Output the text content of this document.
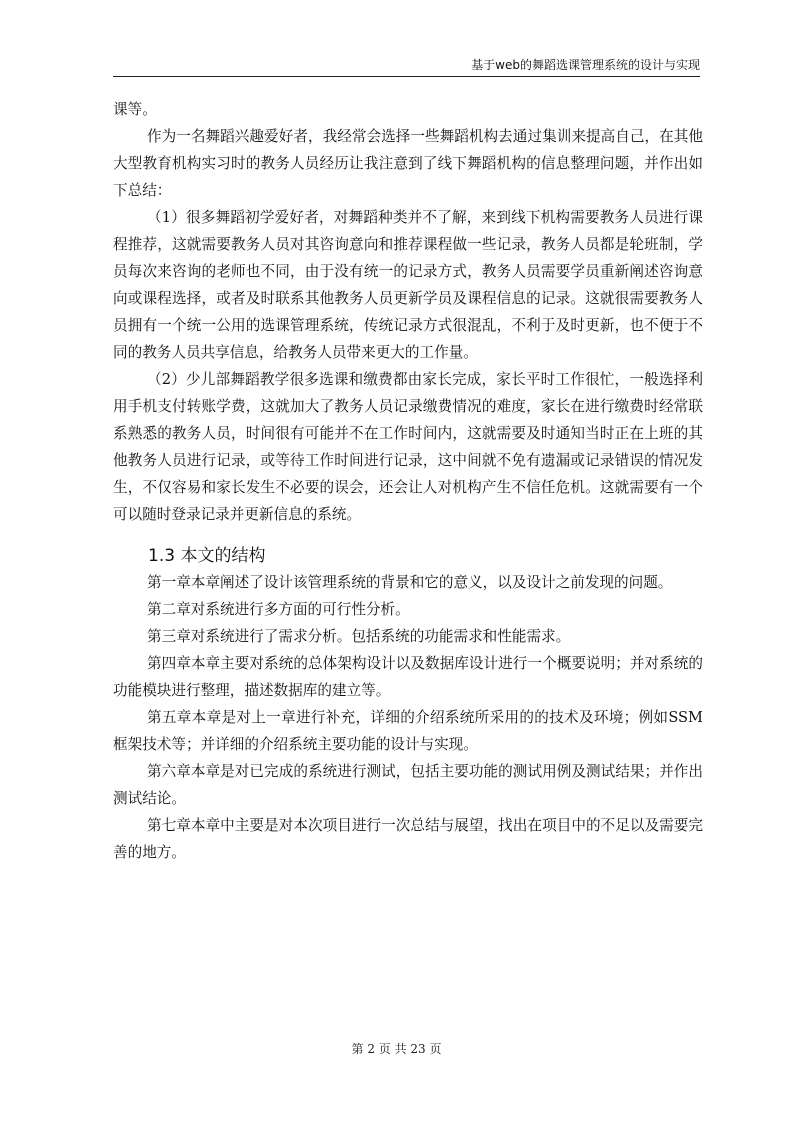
基于web的舞蹈选课管理系统的设计与实现

课等。

作为一名舞蹈兴趣爱好者，我经常会选择一些舞蹈机构去通过集训来提高自己，在其他大型教育机构实习时的教务人员经历让我注意到了线下舞蹈机构的信息整理问题，并作出如下总结：

（1）很多舞蹈初学爱好者，对舞蹈种类并不了解，来到线下机构需要教务人员进行课程推荐，这就需要教务人员对其咨询意向和推荐课程做一些记录，教务人员都是轮班制，学员每次来咨询的老师也不同，由于没有统一的记录方式，教务人员需要学员重新阐述咨询意向或课程选择，或者及时联系其他教务人员更新学员及课程信息的记录。这就很需要教务人员拥有一个统一公用的选课管理系统，传统记录方式很混乱，不利于及时更新，也不便于不同的教务人员共享信息，给教务人员带来更大的工作量。

（2）少儿部舞蹈教学很多选课和缴费都由家长完成，家长平时工作很忙，一般选择利用手机支付转账学费，这就加大了教务人员记录缴费情况的难度，家长在进行缴费时经常联系熟悉的教务人员，时间很有可能并不在工作时间内，这就需要及时通知当时正在上班的其他教务人员进行记录，或等待工作时间进行记录，这中间就不免有遗漏或记录错误的情况发生，不仅容易和家长发生不必要的误会，还会让人对机构产生不信任危机。这就需要有一个可以随时登录记录并更新信息的系统。

1.3 本文的结构

第一章本章阐述了设计该管理系统的背景和它的意义，以及设计之前发现的问题。

第二章对系统进行多方面的可行性分析。

第三章对系统进行了需求分析。包括系统的功能需求和性能需求。

第四章本章主要对系统的总体架构设计以及数据库设计进行一个概要说明；并对系统的功能模块进行整理，描述数据库的建立等。

第五章本章是对上一章进行补充，详细的介绍系统所采用的的技术及环境；例如SSM框架技术等；并详细的介绍系统主要功能的设计与实现。

第六章本章是对已完成的系统进行测试，包括主要功能的测试用例及测试结果；并作出测试结论。

第七章本章中主要是对本次项目进行一次总结与展望，找出在项目中的不足以及需要完善的地方。

第 2 页 共 23 页
